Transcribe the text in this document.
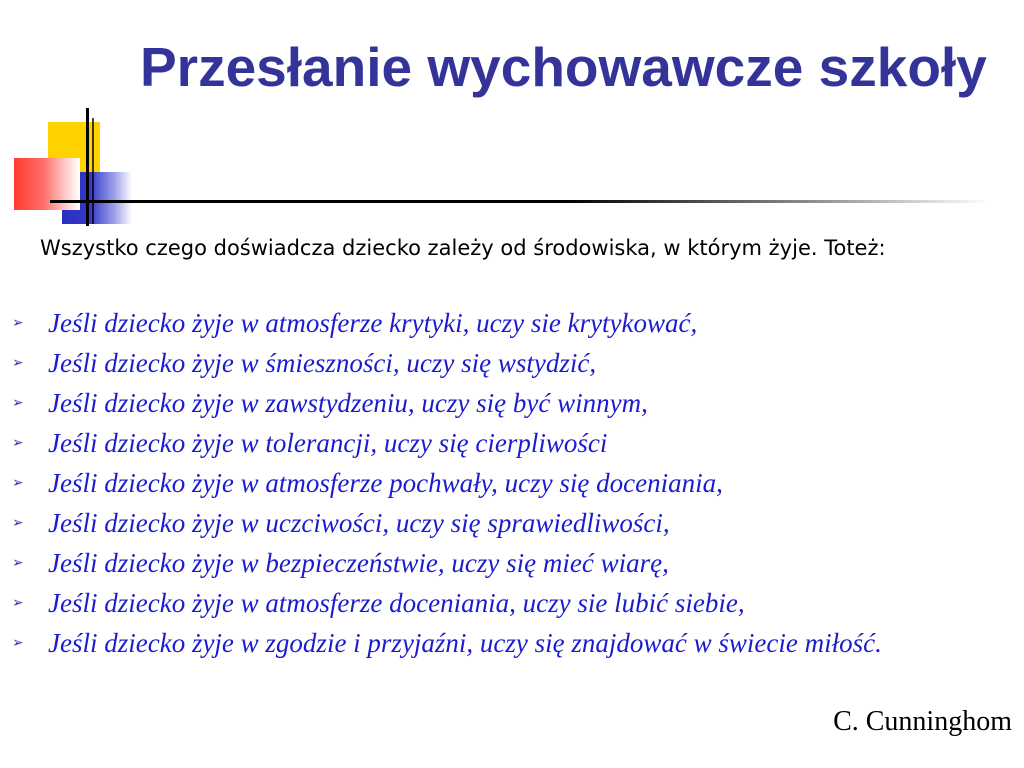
Przesłanie wychowawcze szkoły

Wszystko czego doświadcza dziecko zależy od środowiska, w którym żyje. Toteż:

➢ Jeśli dziecko żyje w atmosferze krytyki, uczy sie krytykować,
➢ Jeśli dziecko żyje w śmieszności, uczy się wstydzić,
➢ Jeśli dziecko żyje w zawstydzeniu, uczy się być winnym,
➢ Jeśli dziecko żyje w tolerancji, uczy się cierpliwości
➢ Jeśli dziecko żyje w atmosferze pochwały, uczy się doceniania,
➢ Jeśli dziecko żyje w uczciwości, uczy się sprawiedliwości,
➢ Jeśli dziecko żyje w bezpieczeństwie, uczy się mieć wiarę,
➢ Jeśli dziecko żyje w atmosferze doceniania, uczy sie lubić siebie,
➢ Jeśli dziecko żyje w zgodzie i przyjaźni, uczy się znajdować w świecie miłość.
C. Cunninghom
